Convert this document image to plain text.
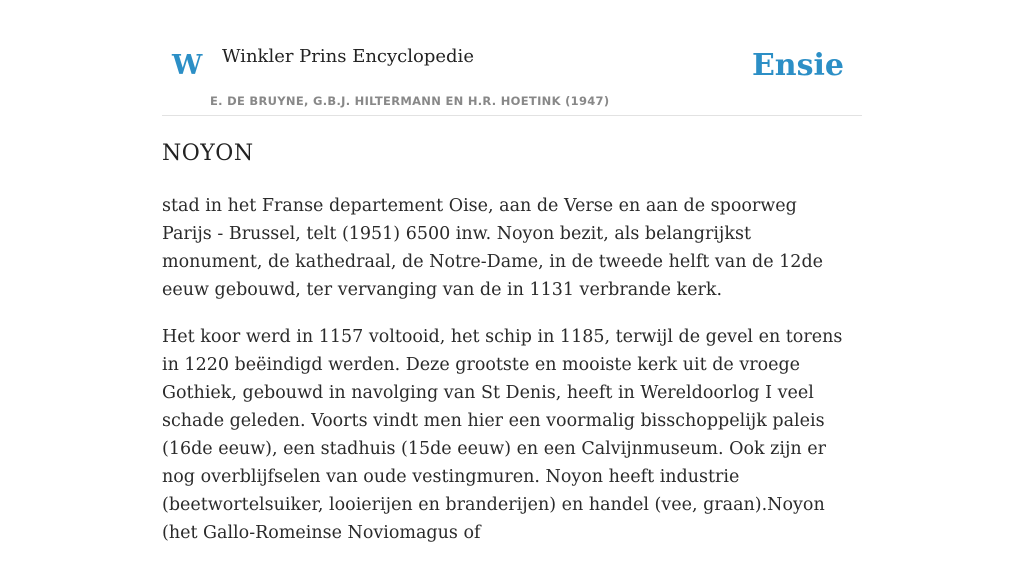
W Winkler Prins Encyclopedie
E. DE BRUYNE, G.B.J. HILTERMANN EN H.R. HOETINK (1947)
Ensie
NOYON

stad in het Franse departement Oise, aan de Verse en aan de spoorweg Parijs - Brussel, telt (1951) 6500 inw. Noyon bezit, als belangrijkst monument, de kathedraal, de Notre-Dame, in de tweede helft van de 12de eeuw gebouwd, ter vervanging van de in 1131 verbrande kerk.

Het koor werd in 1157 voltooid, het schip in 1185, terwijl de gevel en torens in 1220 beëindigd werden. Deze grootste en mooiste kerk uit de vroege Gothiek, gebouwd in navolging van St Denis, heeft in Wereldoorlog I veel schade geleden. Voorts vindt men hier een voormalig bisschoppelijk paleis (16de eeuw), een stadhuis (15de eeuw) en een Calvijnmuseum. Ook zijn er nog overblijfselen van oude vestingmuren. Noyon heeft industrie (beetwortelsuiker, looierijen en branderijen) en handel (vee, graan).Noyon (het Gallo-Romeinse Noviomagus of
